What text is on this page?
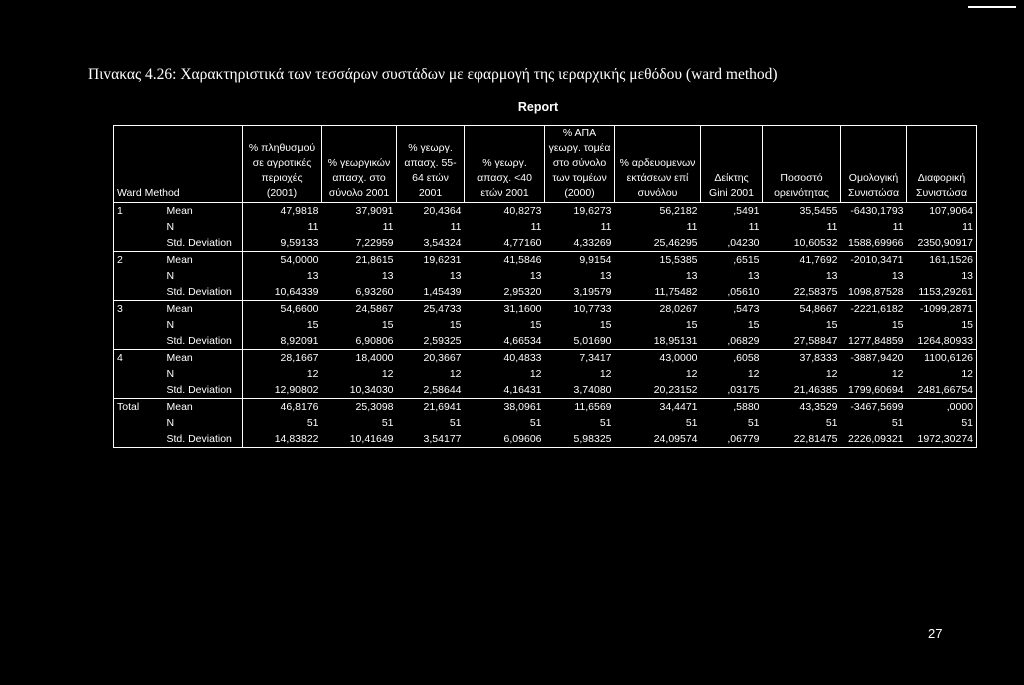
Πιvακας 4.26: Χαρακτηριστικά των τεσσάρων συστάδων με εφαρμογή της ιεραρχικής μεθόδου (ward method)
Report
Ward Method		% πληθυσμού σε αγροτικές περιοχές (2001)	% γεωργικών απασχ. στο σύνολο 2001	% γεωργ. απασχ. 55-64 ετών 2001	% γεωργ. απασχ. <40 ετών 2001	% ΑΠΑ γεωργ. τομέα στο σύνολο των τομέων (2000)	% αρδευομενων εκτάσεων επί συνόλου	Δείκτης Gini 2001	Ποσοστό ορεινότητας	Ομολογική Συνιστώσα	Διαφορική Συνιστώσα
1	Mean	47,9818	37,9091	20,4364	40,8273	19,6273	56,2182	,5491	35,5455	-6430,1793	107,9064
	N	11	11	11	11	11	11	11	11	11	11
	Std. Deviation	9,59133	7,22959	3,54324	4,77160	4,33269	25,46295	,04230	10,60532	1588,69966	2350,90917
2	Mean	54,0000	21,8615	19,6231	41,5846	9,9154	15,5385	,6515	41,7692	-2010,3471	161,1526
	N	13	13	13	13	13	13	13	13	13	13
	Std. Deviation	10,64339	6,93260	1,45439	2,95320	3,19579	11,75482	,05610	22,58375	1098,87528	1153,29261
3	Mean	54,6600	24,5867	25,4733	31,1600	10,7733	28,0267	,5473	54,8667	-2221,6182	-1099,2871
	N	15	15	15	15	15	15	15	15	15	15
	Std. Deviation	8,92091	6,90806	2,59325	4,66534	5,01690	18,95131	,06829	27,58847	1277,84859	1264,80933
4	Mean	28,1667	18,4000	20,3667	40,4833	7,3417	43,0000	,6058	37,8333	-3887,9420	1100,6126
	N	12	12	12	12	12	12	12	12	12	12
	Std. Deviation	12,90802	10,34030	2,58644	4,16431	3,74080	20,23152	,03175	21,46385	1799,60694	2481,66754
Total	Mean	46,8176	25,3098	21,6941	38,0961	11,6569	34,4471	,5880	43,3529	-3467,5699	,0000
	N	51	51	51	51	51	51	51	51	51	51
	Std. Deviation	14,83822	10,41649	3,54177	6,09606	5,98325	24,09574	,06779	22,81475	2226,09321	1972,30274
27
